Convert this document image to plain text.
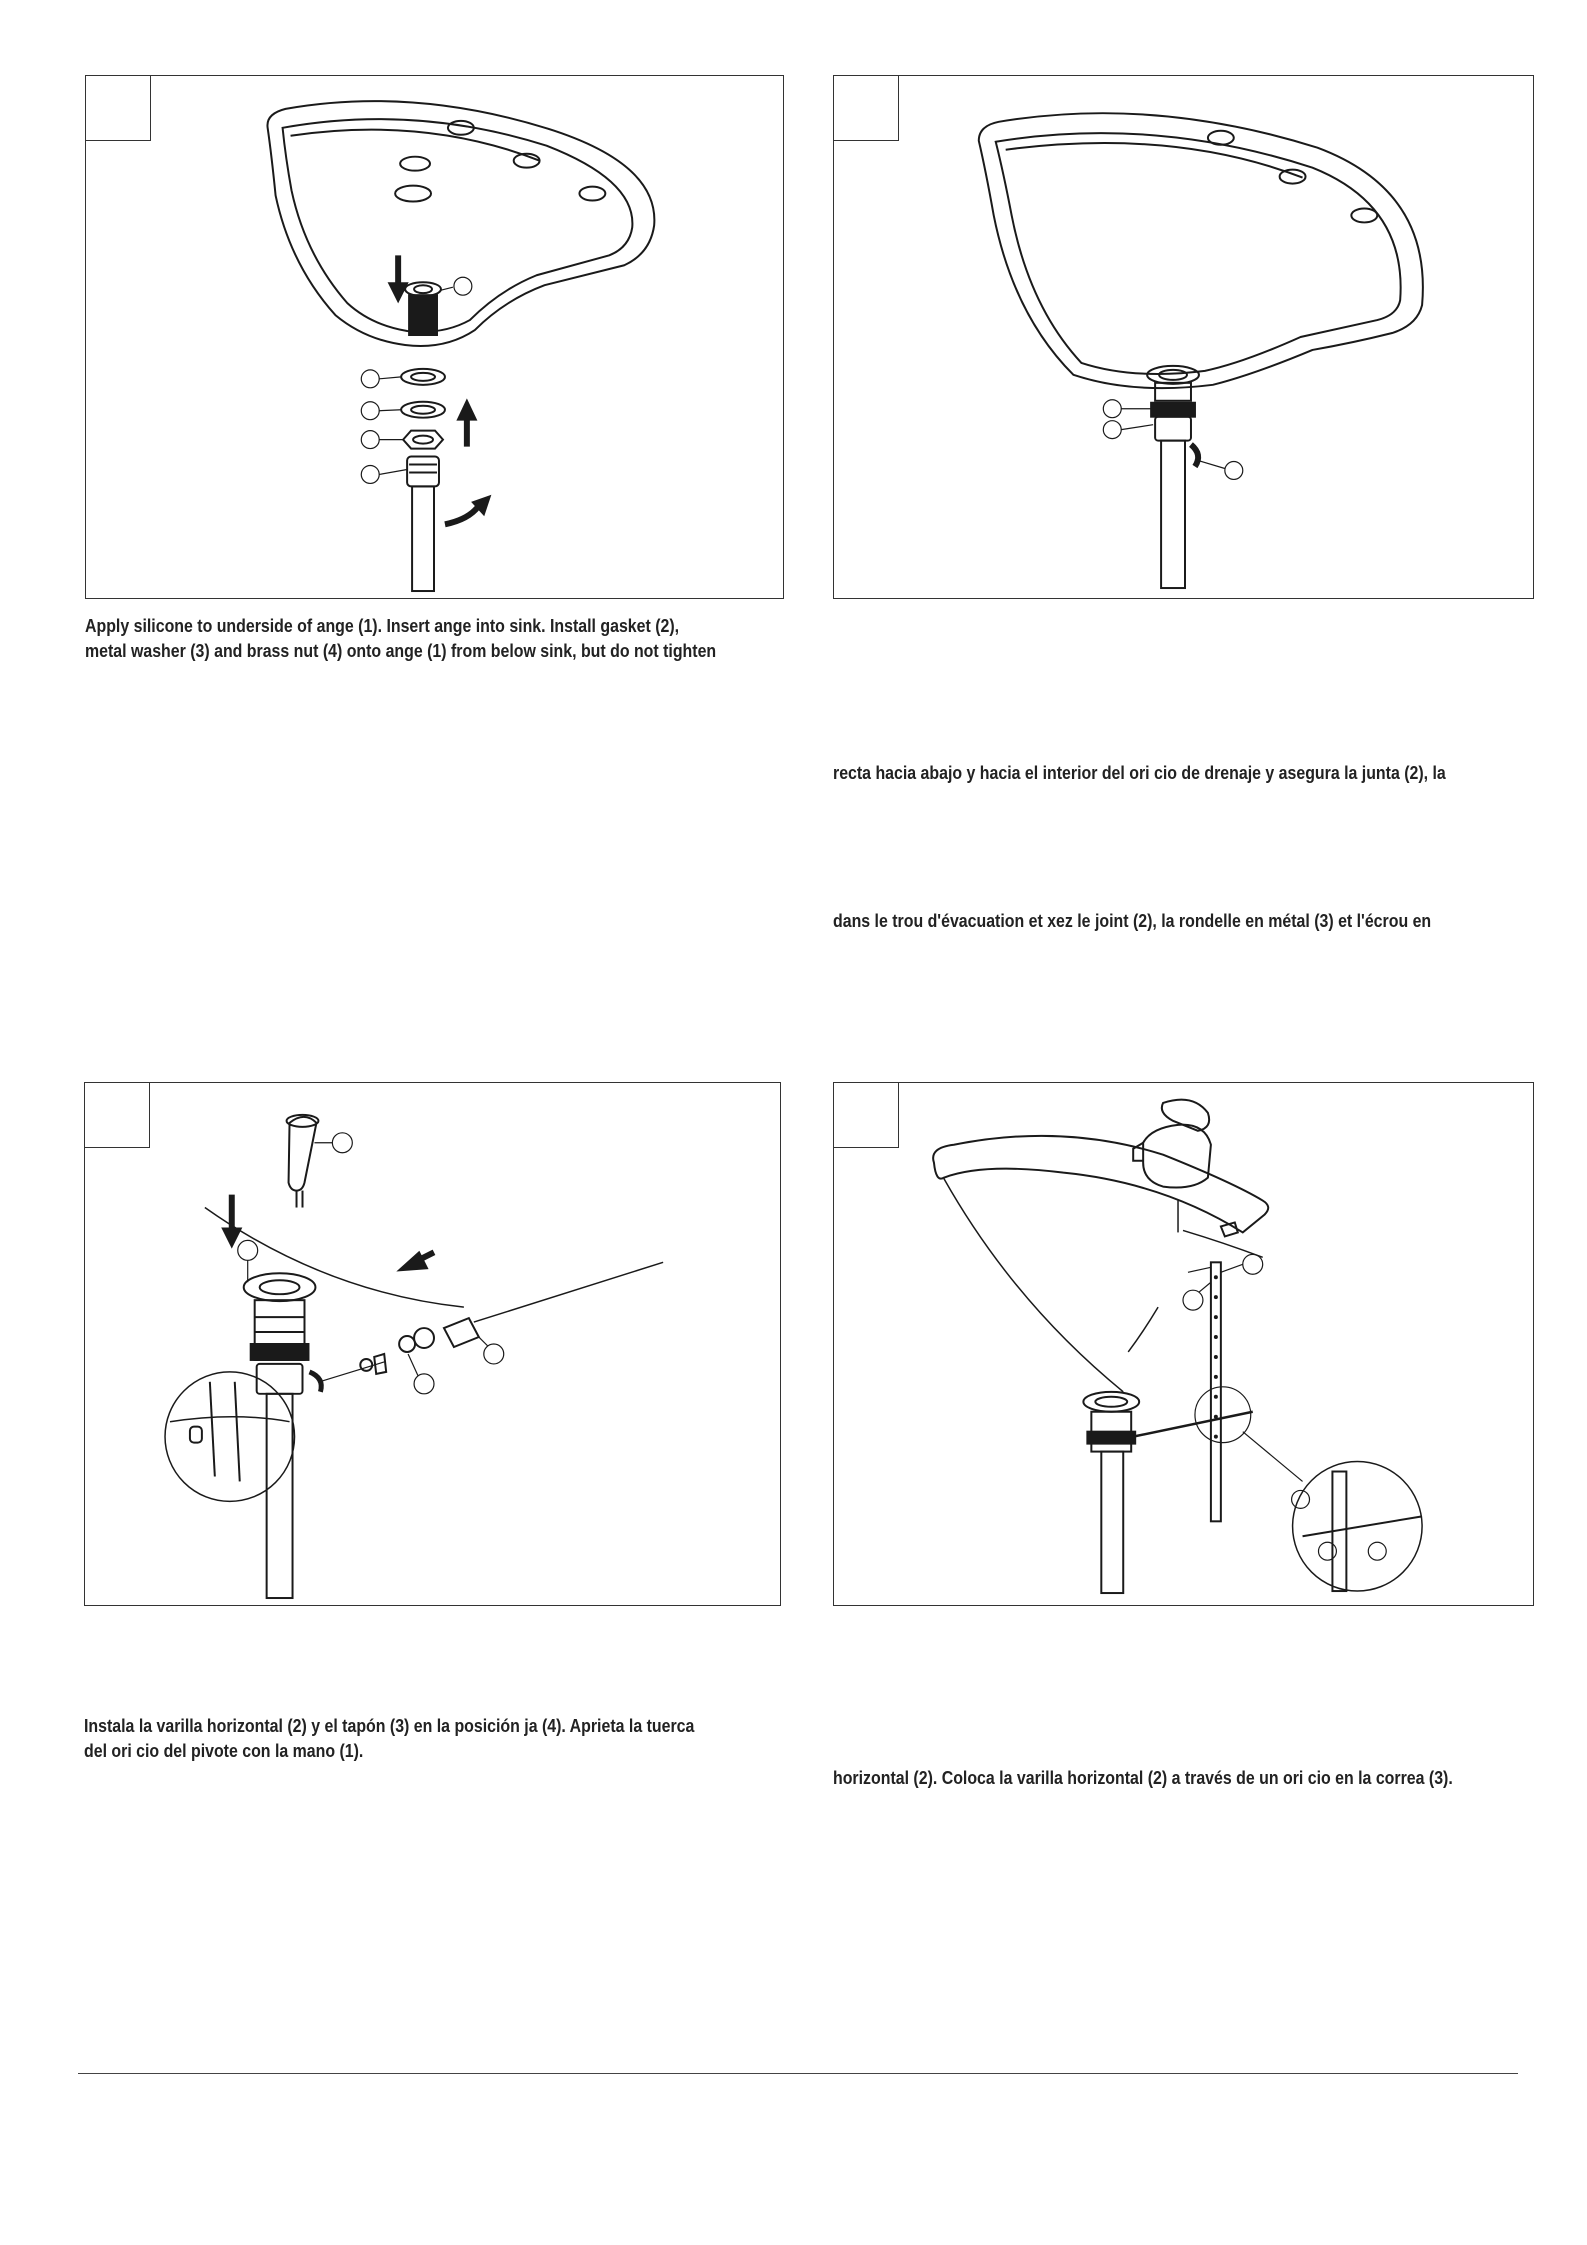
Apply silicone to underside of ange (1). Insert ange into sink. Install gasket (2),
metal washer (3) and brass nut (4) onto ange (1) from below sink, but do not tighten
recta hacia abajo y hacia el interior del ori cio de drenaje y asegura la junta (2), la
dans le trou d'évacuation et xez le joint (2), la rondelle en métal (3) et l'écrou en
Instala la varilla horizontal (2) y el tapón (3) en la posición ja (4). Aprieta la tuerca
del ori cio del pivote con la mano (1).
horizontal (2). Coloca la varilla horizontal (2) a través de un ori cio en la correa (3).
